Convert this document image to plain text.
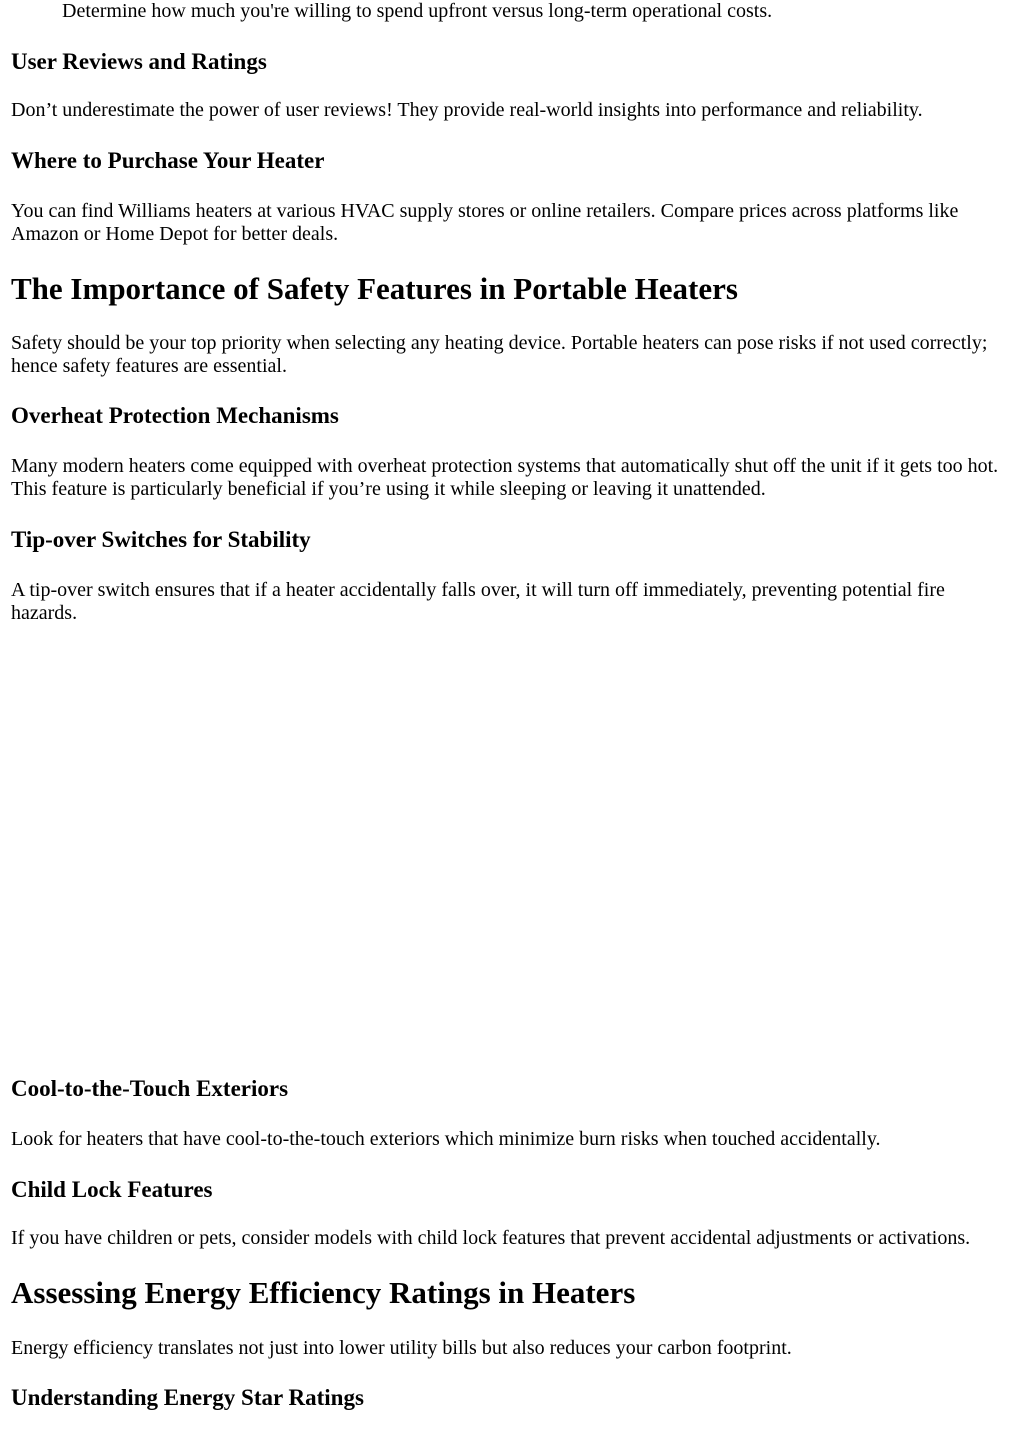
Determine how much you're willing to spend upfront versus long-term operational costs.

User Reviews and Ratings

Don’t underestimate the power of user reviews! They provide real-world insights into performance and reliability.

Where to Purchase Your Heater

You can find Williams heaters at various HVAC supply stores or online retailers. Compare prices across platforms like Amazon or Home Depot for better deals.

The Importance of Safety Features in Portable Heaters

Safety should be your top priority when selecting any heating device. Portable heaters can pose risks if not used correctly; hence safety features are essential.

Overheat Protection Mechanisms

Many modern heaters come equipped with overheat protection systems that automatically shut off the unit if it gets too hot. This feature is particularly beneficial if you’re using it while sleeping or leaving it unattended.

Tip-over Switches for Stability

A tip-over switch ensures that if a heater accidentally falls over, it will turn off immediately, preventing potential fire hazards.

Cool-to-the-Touch Exteriors

Look for heaters that have cool-to-the-touch exteriors which minimize burn risks when touched accidentally.

Child Lock Features

If you have children or pets, consider models with child lock features that prevent accidental adjustments or activations.

Assessing Energy Efficiency Ratings in Heaters

Energy efficiency translates not just into lower utility bills but also reduces your carbon footprint.

Understanding Energy Star Ratings
